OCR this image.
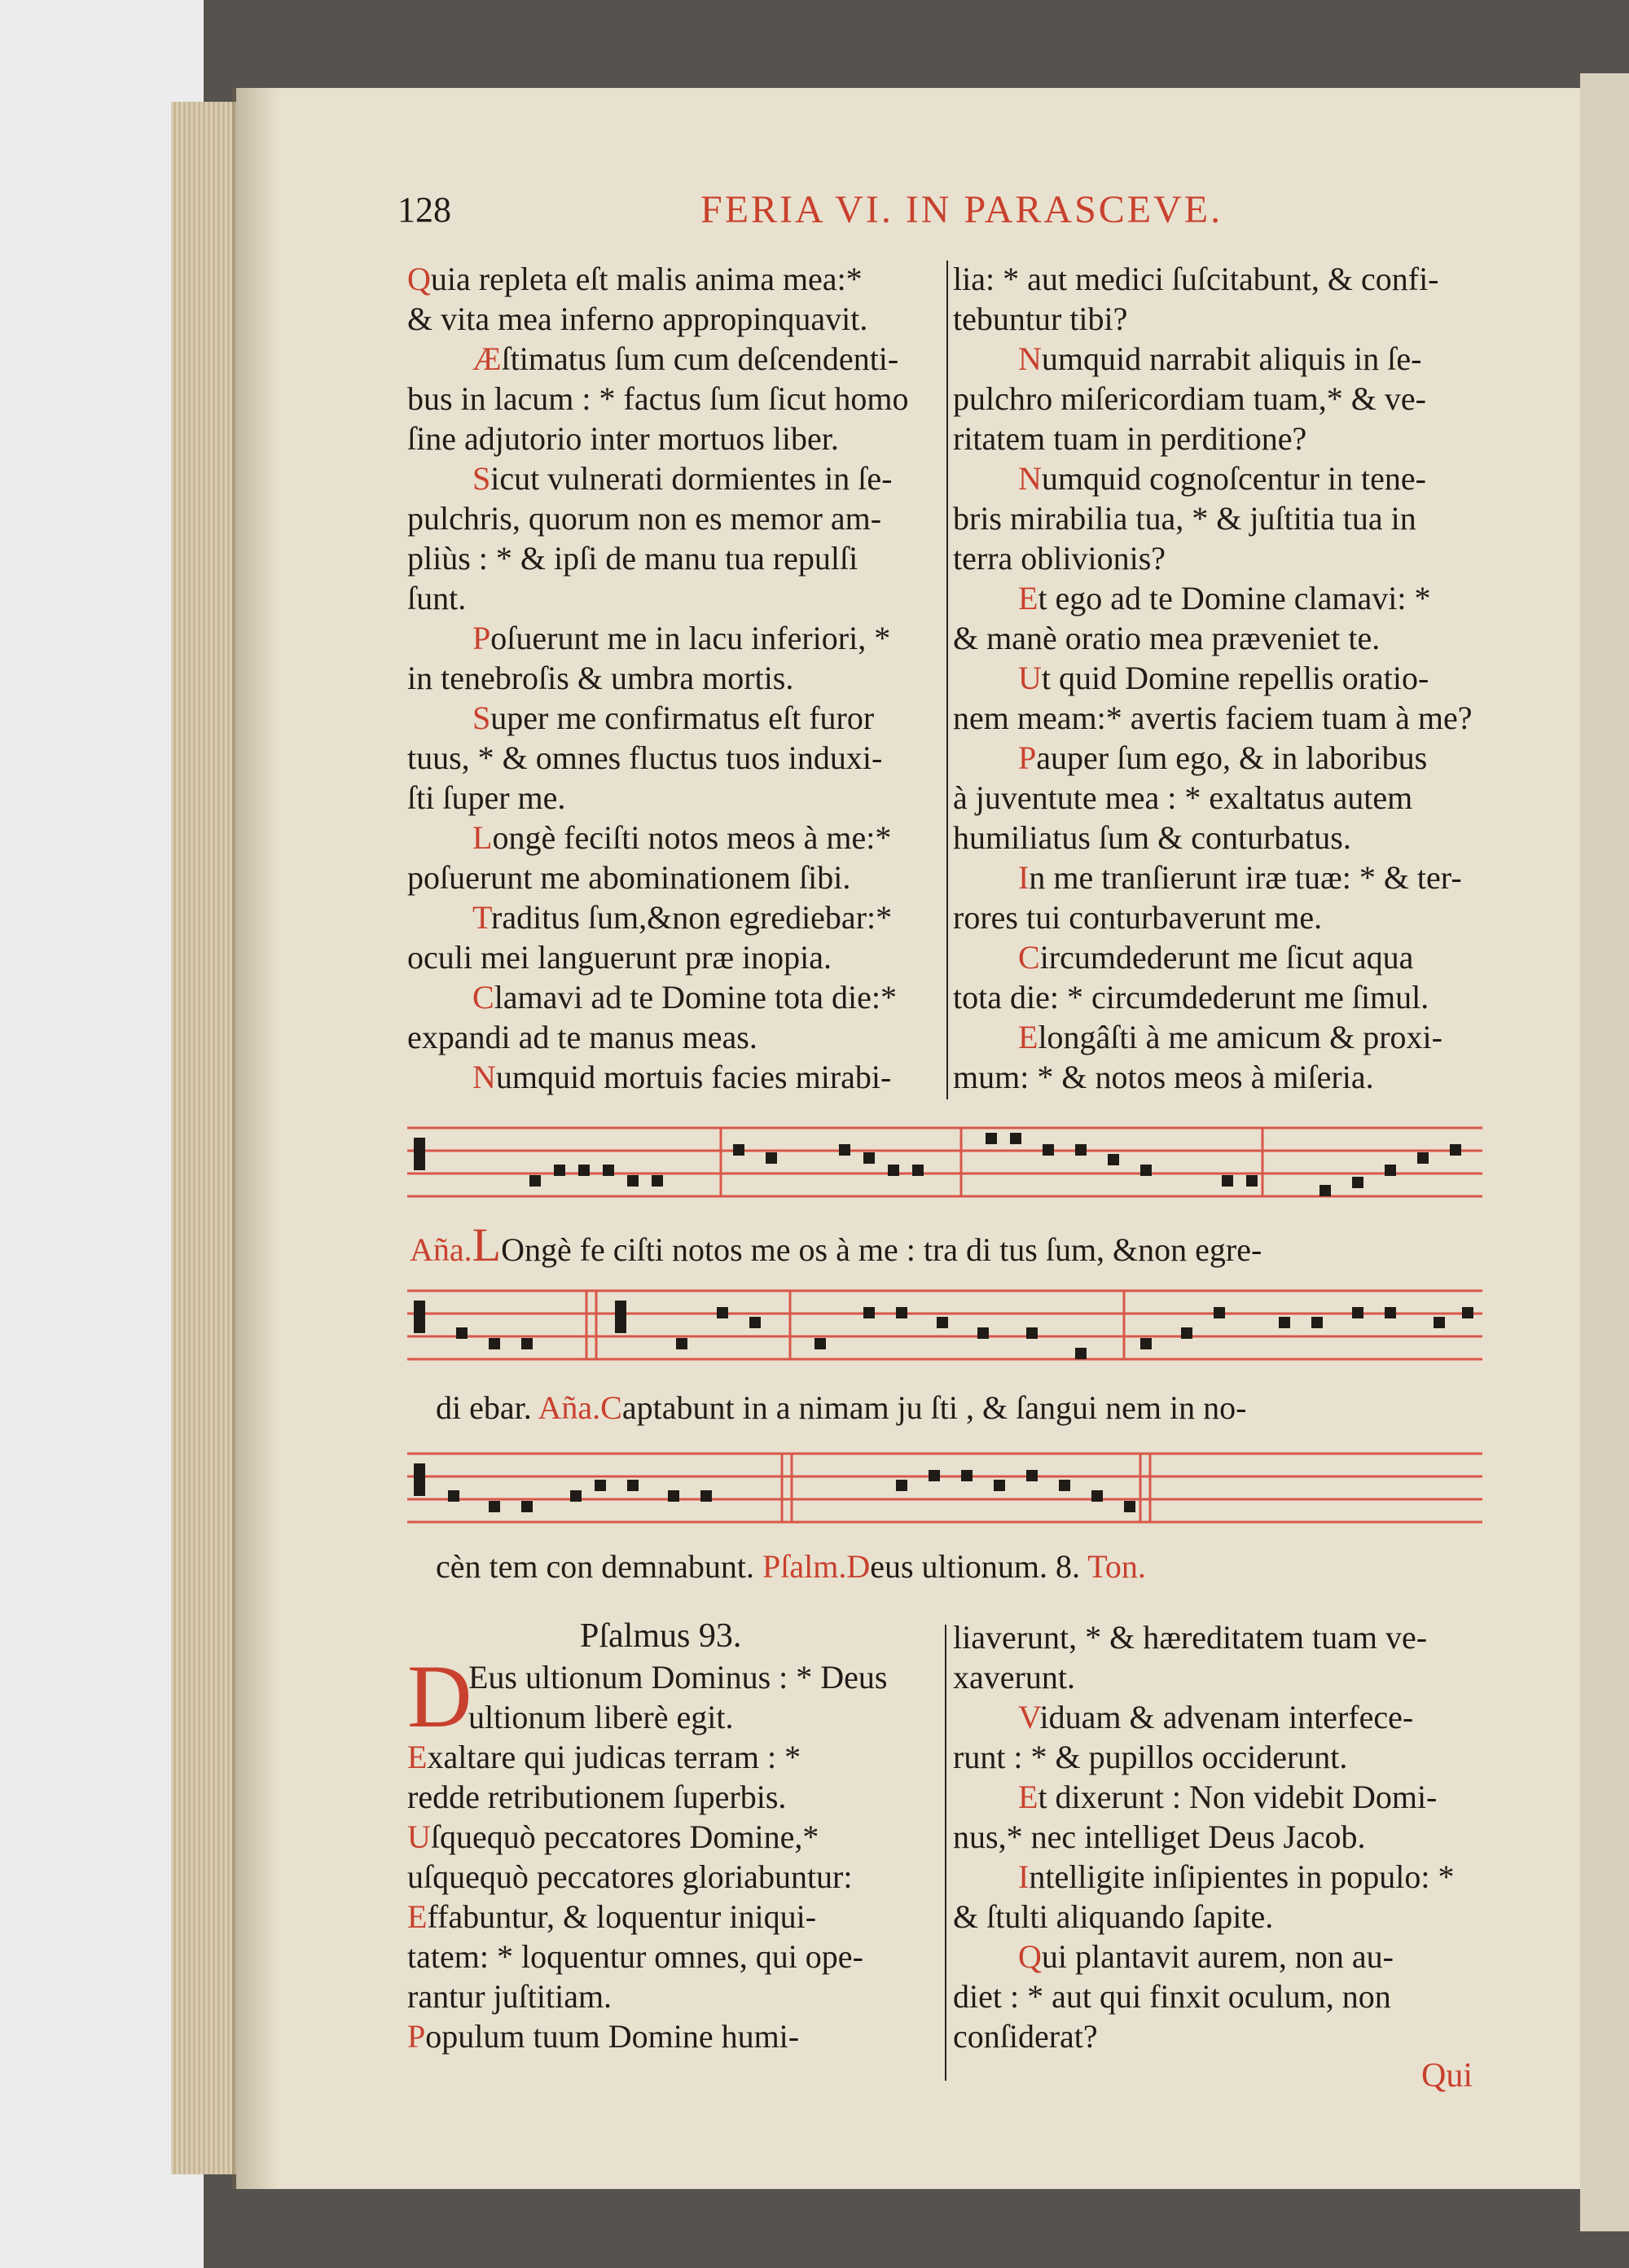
128	FERIA VI. IN PARASCEVE.
Quia repleta eſt malis anima mea:*
& vita mea inferno appropinquavit.
Æſtimatus ſum cum deſcendenti-
bus in lacum : * factus ſum ſicut homo
ſine adjutorio inter mortuos liber.
Sicut vulnerati dormientes in ſe-
pulchris, quorum non es memor am-
pliùs : * & ipſi de manu tua repulſi
ſunt.
Poſuerunt me in lacu inferiori, *
in tenebroſis & umbra mortis.
Super me confirmatus eſt furor
tuus, * & omnes fluctus tuos induxi-
ſti ſuper me.
Longè feciſti notos meos à me:*
poſuerunt me abominationem ſibi.
Traditus ſum,&non egrediebar:*
oculi mei languerunt præ inopia.
Clamavi ad te Domine tota die:*
expandi ad te manus meas.
Numquid mortuis facies mirabi-
lia: * aut medici ſuſcitabunt, & confi-
tebuntur tibi?
Numquid narrabit aliquis in ſe-
pulchro miſericordiam tuam,* & ve-
ritatem tuam in perditione?
Numquid cognoſcentur in tene-
bris mirabilia tua, * & juſtitia tua in
terra oblivionis?
Et ego ad te Domine clamavi: *
& manè oratio mea præveniet te.
Ut quid Domine repellis oratio-
nem meam:* avertis faciem tuam à me?
Pauper ſum ego, & in laboribus
à juventute mea : * exaltatus autem
humiliatus ſum & conturbatus.
In me tranſierunt iræ tuæ: * & ter-
rores tui conturbaverunt me.
Circumdederunt me ſicut aqua
tota die: * circumdederunt me ſimul.
Elongâſti à me amicum & proxi-
mum: * & notos meos à miſeria.
Aña.LOngè fe ciſti notos me os à me : tra di tus ſum, &non egre-
di ebar. Aña.Captabunt in a nimam ju ſti , & ſangui nem in no-
cèn tem con demnabunt. Pſalm.Deus ultionum. 8. Ton.
Pſalmus 93.
D
Eus ultionum Dominus : * Deus
ultionum liberè egit.
Exaltare qui judicas terram : *
redde retributionem ſuperbis.
Uſquequò peccatores Domine,*
uſquequò peccatores gloriabuntur:
Effabuntur, & loquentur iniqui-
tatem: * loquentur omnes, qui ope-
rantur juſtitiam.
Populum tuum Domine humi-
liaverunt, * & hæreditatem tuam ve-
xaverunt.
Viduam & advenam interfece-
runt : * & pupillos occiderunt.
Et dixerunt : Non videbit Domi-
nus,* nec intelliget Deus Jacob.
Intelligite inſipientes in populo: *
& ſtulti aliquando ſapite.
Qui plantavit aurem, non au-
diet : * aut qui finxit oculum, non
conſiderat?
Qui
